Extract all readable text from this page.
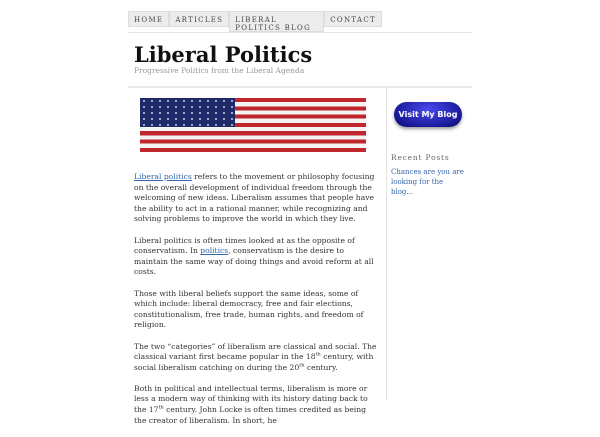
HOME	ARTICLES	LIBERAL POLITICS BLOG
CONTACT
Liberal Politics
Progressive Politics from the Liberal Agenda

Liberal politics refers to the movement or philosophy focusing on the overall development of individual freedom through the welcoming of new ideas. Liberalism assumes that people have the ability to act in a rational manner, while recognizing and solving problems to improve the world in which they live.

Liberal politics is often times looked at as the opposite of conservatism. In politics, conservatism is the desire to maintain the same way of doing things and avoid reform at all costs.

Those with liberal beliefs support the same ideas, some of which include: liberal democracy, free and fair elections, constitutionalism, free trade, human rights, and freedom of religion.

The two “categories” of liberalism are classical and social. The classical variant first became popular in the 18th century, with social liberalism catching on during the 20th century.

Both in political and intellectual terms, liberalism is more or less a modern way of thinking with its history dating back to the 17th century. John Locke is often times credited as being the creator of liberalism. In short, he

Visit My Blog
Recent Posts
Chances are you are looking for the blog...
